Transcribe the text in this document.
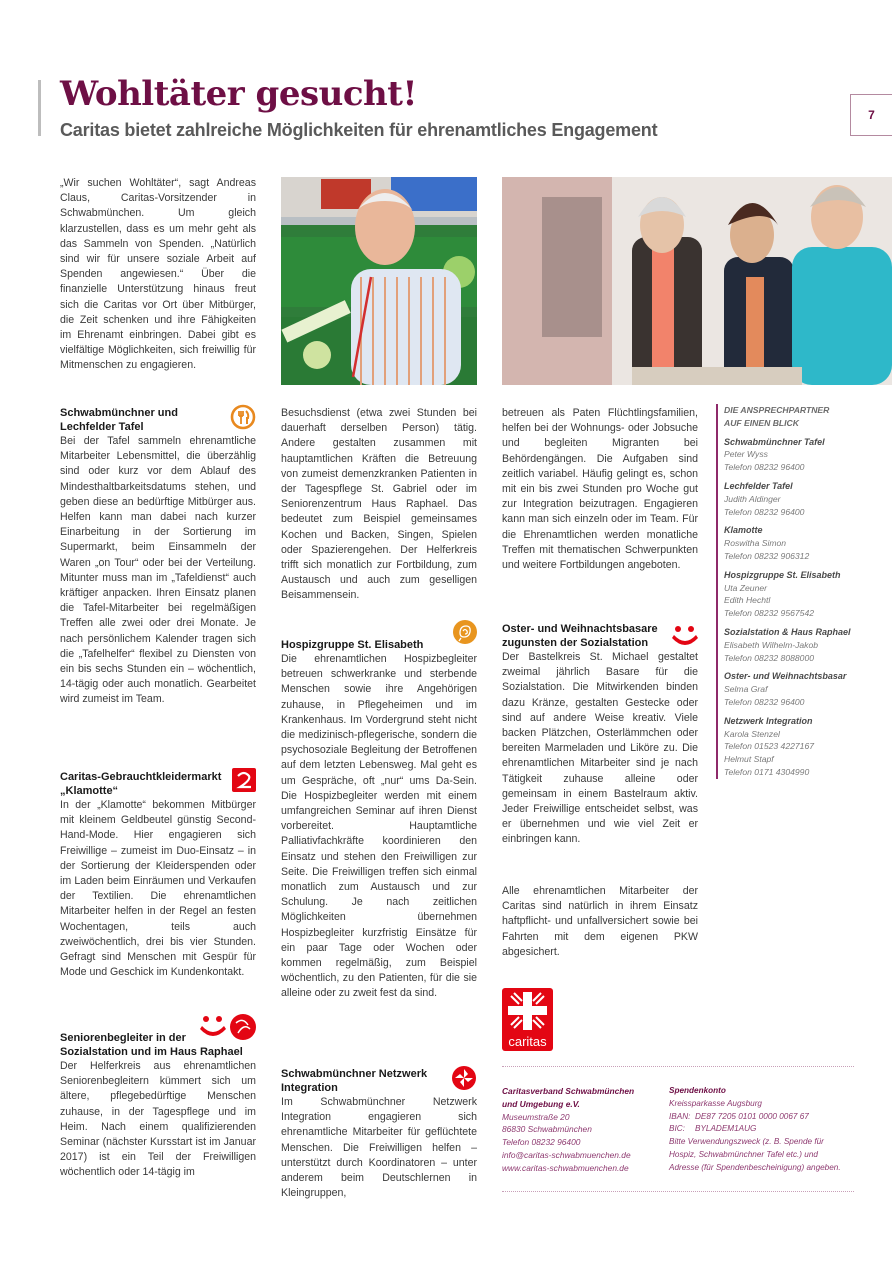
Wohltäter gesucht!
Caritas bietet zahlreiche Möglichkeiten für ehrenamtliches Engagement
7

„Wir suchen Wohltäter“, sagt Andreas Claus, Caritas-Vorsitzender in Schwabmünchen. Um gleich klarzustellen, dass es um mehr geht als das Sammeln von Spenden. „Natürlich sind wir für unsere soziale Arbeit auf Spenden angewiesen.“ Über die finanzielle Unterstützung hinaus freut sich die Caritas vor Ort über Mitbürger, die Zeit schenken und ihre Fähigkeiten im Ehrenamt einbringen. Dabei gibt es vielfältige Möglichkeiten, sich freiwillig für Mitmenschen zu engagieren.

Schwabmünchner und Lechfelder Tafel

Bei der Tafel sammeln ehrenamtliche Mitarbeiter Lebensmittel, die überzählig sind oder kurz vor dem Ablauf des Mindesthaltbarkeitsdatums stehen, und geben diese an bedürftige Mitbürger aus. Helfen kann man dabei nach kurzer Einarbeitung in der Sortierung im Supermarkt, beim Einsammeln der Waren „on Tour“ oder bei der Verteilung. Mitunter muss man im „Tafeldienst“ auch kräftiger anpacken. Ihren Einsatz planen die Tafel-Mitarbeiter bei regelmäßigen Treffen alle zwei oder drei Monate. Je nach persönlichem Kalender tragen sich die „Tafelhelfer“ flexibel zu Diensten von ein bis sechs Stunden ein – wöchentlich, 14-tägig oder auch monatlich. Gearbeitet wird zumeist im Team.

Caritas-Gebrauchtkleidermarkt „Klamotte“

In der „Klamotte“ bekommen Mitbürger mit kleinem Geldbeutel günstig Second-Hand-Mode. Hier engagieren sich Freiwillige – zumeist im Duo-Einsatz – in der Sortierung der Kleiderspenden oder im Laden beim Einräumen und Verkaufen der Textilien. Die ehrenamtlichen Mitarbeiter helfen in der Regel an festen Wochentagen, teils auch zweiwöchentlich, drei bis vier Stunden. Gefragt sind Menschen mit Gespür für Mode und Geschick im Kundenkontakt.

Seniorenbegleiter in der Sozialstation und im Haus Raphael

Der Helferkreis aus ehrenamtlichen Seniorenbegleitern kümmert sich um ältere, pflegebedürftige Menschen zuhause, in der Tagespflege und im Heim. Nach einem qualifizierenden Seminar (nächster Kursstart ist im Januar 2017) ist ein Teil der Freiwilligen wöchentlich oder 14-tägig im

Besuchsdienst (etwa zwei Stunden bei dauerhaft derselben Person) tätig. Andere gestalten zusammen mit hauptamtlichen Kräften die Betreuung von zumeist demenzkranken Patienten in der Tagespflege St. Gabriel oder im Seniorenzentrum Haus Raphael. Das bedeutet zum Beispiel gemeinsames Kochen und Backen, Singen, Spielen oder Spazierengehen. Der Helferkreis trifft sich monatlich zur Fortbildung, zum Austausch und auch zum geselligen Beisammensein.

Hospizgruppe St. Elisabeth

Die ehrenamtlichen Hospizbegleiter betreuen schwerkranke und sterbende Menschen sowie ihre Angehörigen zuhause, in Pflegeheimen und im Krankenhaus. Im Vordergrund steht nicht die medizinisch-pflegerische, sondern die psychosoziale Begleitung der Betroffenen auf dem letzten Lebensweg. Mal geht es um Gespräche, oft „nur“ ums Da-Sein. Die Hospizbegleiter werden mit einem umfangreichen Seminar auf ihren Dienst vorbereitet. Hauptamtliche Palliativfachkräfte koordinieren den Einsatz und stehen den Freiwilligen zur Seite. Die Freiwilligen treffen sich einmal monatlich zum Austausch und zur Schulung. Je nach zeitlichen Möglichkeiten übernehmen Hospizbegleiter kurzfristig Einsätze für ein paar Tage oder Wochen oder kommen regelmäßig, zum Beispiel wöchentlich, zu den Patienten, für die sie alleine oder zu zweit fest da sind.

Schwabmünchner Netzwerk Integration

Im Schwabmünchner Netzwerk Integration engagieren sich ehrenamtliche Mitarbeiter für geflüchtete Menschen. Die Freiwilligen helfen – unterstützt durch Koordinatoren – unter anderem beim Deutschlernen in Kleingruppen,

betreuen als Paten Flüchtlingsfamilien, helfen bei der Wohnungs- oder Jobsuche und begleiten Migranten bei Behördengängen. Die Aufgaben sind zeitlich variabel. Häufig gelingt es, schon mit ein bis zwei Stunden pro Woche gut zur Integration beizutragen. Engagieren kann man sich einzeln oder im Team. Für die Ehrenamtlichen werden monatliche Treffen mit thematischen Schwerpunkten und weitere Fortbildungen angeboten.

Oster- und Weihnachtsbasare zugunsten der Sozialstation

Der Bastelkreis St. Michael gestaltet zweimal jährlich Basare für die Sozialstation. Die Mitwirkenden binden dazu Kränze, gestalten Gestecke oder sind auf andere Weise kreativ. Viele backen Plätzchen, Osterlämmchen oder bereiten Marmeladen und Liköre zu. Die ehrenamtlichen Mitarbeiter sind je nach Tätigkeit zuhause alleine oder gemeinsam in einem Bastelraum aktiv. Jeder Freiwillige entscheidet selbst, was er übernehmen und wie viel Zeit er einbringen kann.

Alle ehrenamtlichen Mitarbeiter der Caritas sind natürlich in ihrem Einsatz haftpflicht- und unfallversichert sowie bei Fahrten mit dem eigenen PKW abgesichert.

caritas
DIE ANSPRECHPARTNER
AUF EINEN BLICK
Schwabmünchner Tafel
Peter Wyss
Telefon 08232 96400
Lechfelder Tafel
Judith Aldinger
Telefon 08232 96400
Klamotte
Roswitha Simon
Telefon 08232 906312
Hospizgruppe St. Elisabeth
Uta Zeuner
Edith Hechtl
Telefon 08232 9567542
Sozialstation & Haus Raphael
Elisabeth Wilhelm-Jakob
Telefon 08232 8088000
Oster- und Weihnachtsbasar
Selma Graf
Telefon 08232 96400
Netzwerk Integration
Karola Stenzel
Telefon 01523 4227167
Helmut Stapf
Telefon 0171 4304990
Caritasverband Schwabmünchen
und Umgebung e.V.
Museumstraße 20
86830 Schwabmünchen
Telefon 08232 96400
info@caritas-schwabmuenchen.de
www.caritas-schwabmuenchen.de
Spendenkonto
Kreissparkasse Augsburg
IBAN: DE87 7205 0101 0000 0067 67
BIC: BYLADEM1AUG
Bitte Verwendungszweck (z. B. Spende für
Hospiz, Schwabmünchner Tafel etc.) und
Adresse (für Spendenbescheinigung) angeben.
